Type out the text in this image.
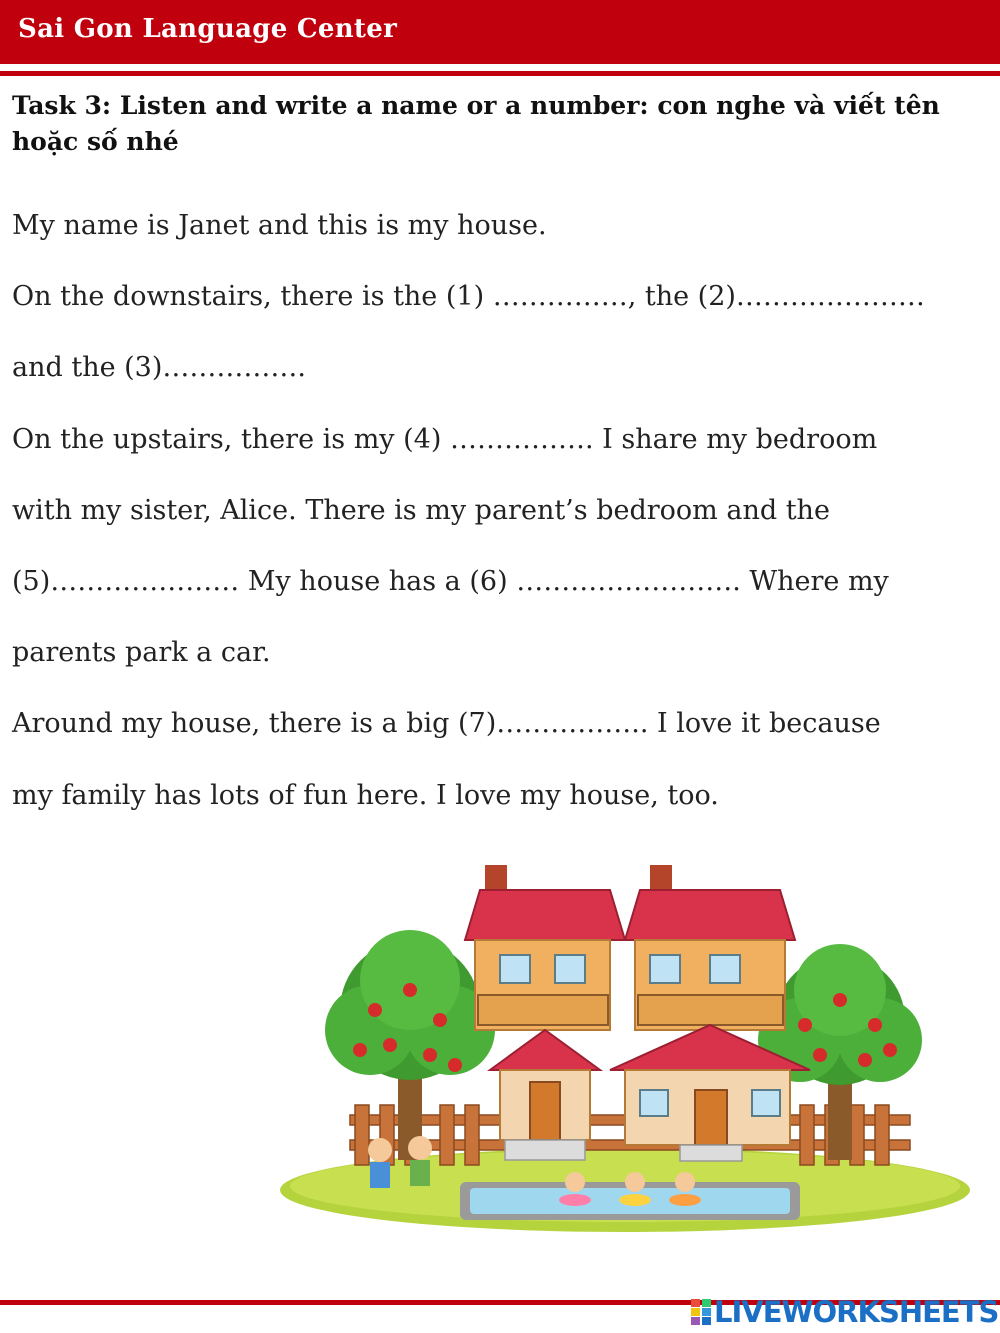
Sai Gon Language Center
Task 3: Listen and write a name or a number: con nghe và viết tên hoặc số nhé
My name is Janet and this is my house.
On the downstairs, there is the (1) ……………, the (2)…………………
and the (3)…………….
On the upstairs, there is my (4) ……………. I share my bedroom
with my sister, Alice. There is my parent’s bedroom and the
(5)………………… My house has a (6) ……………………. Where my
parents park a car.
Around my house, there is a big (7)…………….. I love it because
my family has lots of fun here. I love my house, too.
LIVEWORKSHEETS
